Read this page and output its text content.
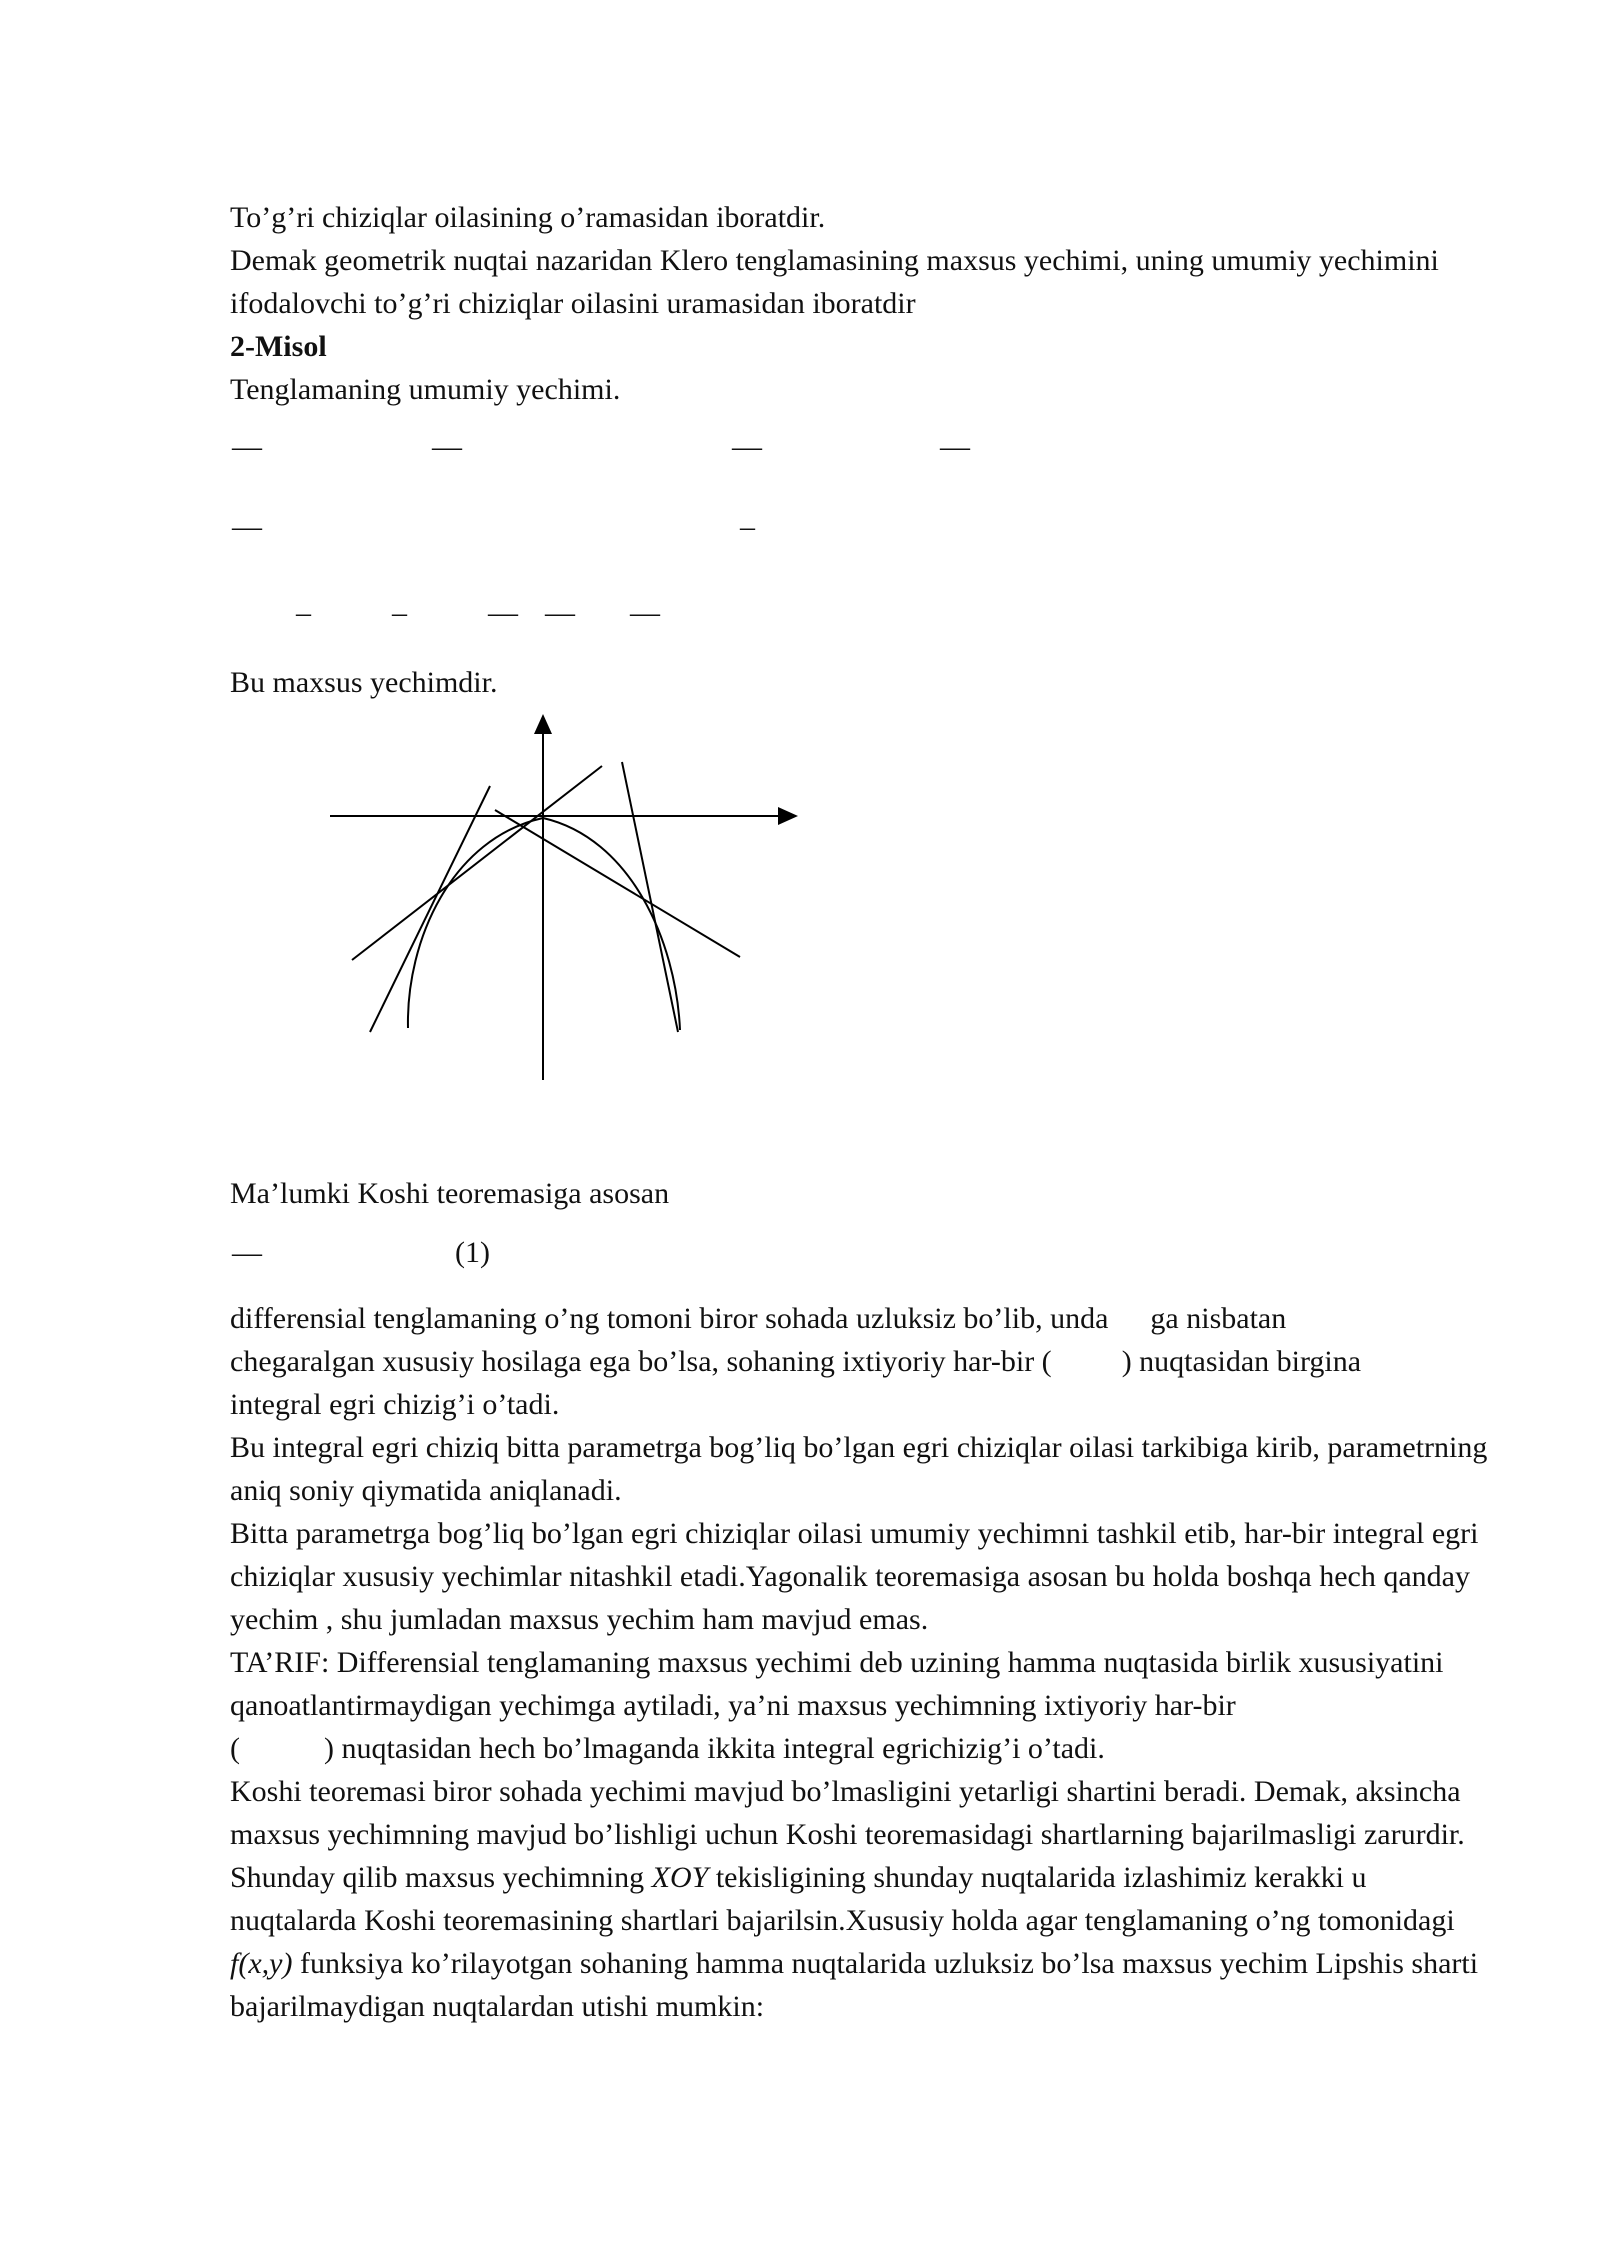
To’g’ri chiziqlar oilasining o’ramasidan iboratdir.
Demak geometrik nuqtai nazaridan Klero tenglamasining maxsus yechimi, uning umumiy yechimini ifodalovchi to’g’ri chiziqlar oilasini uramasidan iboratdir
2-Misol
Tenglamaning umumiy yechimi.
—	—	—	—
—	–
–	–	— — —
Bu maxsus yechimdir.
Ma’lumki Koshi teoremasiga asosan
—	(1)
differensial tenglamaning o’ng tomoni biror sohada uzluksiz bo’lib, unda ga nisbatan
chegaralgan xususiy hosilaga ega bo’lsa, sohaning ixtiyoriy har-bir ( ) nuqtasidan birgina
integral egri chizig’i o’tadi.
Bu integral egri chiziq bitta parametrga bog’liq bo’lgan egri chiziqlar oilasi tarkibiga kirib, parametrning aniq soniy qiymatida aniqlanadi.
Bitta parametrga bog’liq bo’lgan egri chiziqlar oilasi umumiy yechimni tashkil etib, har-bir integral egri chiziqlar xususiy yechimlar nitashkil etadi.Yagonalik teoremasiga asosan bu holda boshqa hech qanday yechim , shu jumladan maxsus yechim ham mavjud emas.
TA’RIF: Differensial tenglamaning maxsus yechimi deb uzining hamma nuqtasida birlik xususiyatini qanoatlantirmaydigan yechimga aytiladi, ya’ni maxsus yechimning ixtiyoriy har-bir
(	) nuqtasidan hech bo’lmaganda ikkita integral egrichizig’i o’tadi.
Koshi teoremasi biror sohada yechimi mavjud bo’lmasligini yetarligi shartini beradi. Demak, aksincha maxsus yechimning mavjud bo’lishligi uchun Koshi teoremasidagi shartlarning bajarilmasligi zarurdir. Shunday qilib maxsus yechimning XOY tekisligining shunday nuqtalarida izlashimiz kerakki u nuqtalarda Koshi teoremasining shartlari bajarilsin.Xususiy holda agar tenglamaning o’ng tomonidagi f(x,y) funksiya ko’rilayotgan sohaning hamma nuqtalarida uzluksiz bo’lsa maxsus yechim Lipshis sharti bajarilmaydigan nuqtalardan utishi mumkin:
